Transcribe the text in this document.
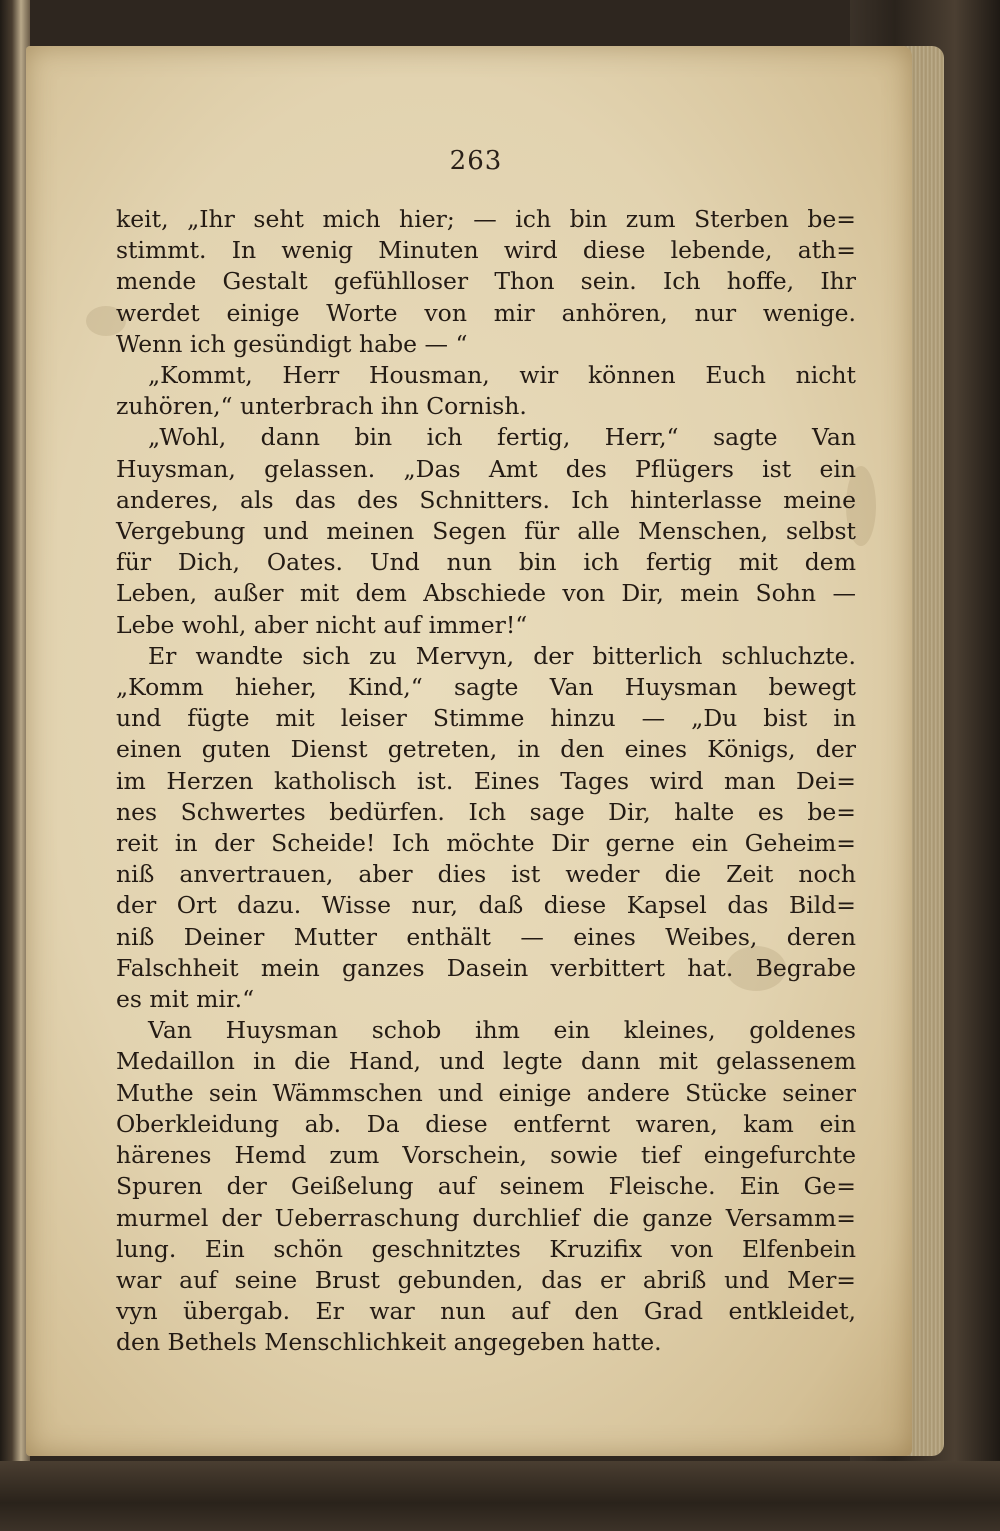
263
keit, „Ihr seht mich hier; — ich bin zum Sterben be=
stimmt. In wenig Minuten wird diese lebende, ath=
mende Gestalt gefühlloser Thon sein. Ich hoffe, Ihr
werdet einige Worte von mir anhören, nur wenige.
Wenn ich gesündigt habe — “
„Kommt, Herr Housman, wir können Euch nicht
zuhören,“ unterbrach ihn Cornish.
„Wohl, dann bin ich fertig, Herr,“ sagte Van
Huysman, gelassen. „Das Amt des Pflügers ist ein
anderes, als das des Schnitters. Ich hinterlasse meine
Vergebung und meinen Segen für alle Menschen, selbst
für Dich, Oates. Und nun bin ich fertig mit dem
Leben, außer mit dem Abschiede von Dir, mein Sohn —
Lebe wohl, aber nicht auf immer!“
Er wandte sich zu Mervyn, der bitterlich schluchzte.
„Komm hieher, Kind,“ sagte Van Huysman bewegt
und fügte mit leiser Stimme hinzu — „Du bist in
einen guten Dienst getreten, in den eines Königs, der
im Herzen katholisch ist. Eines Tages wird man Dei=
nes Schwertes bedürfen. Ich sage Dir, halte es be=
reit in der Scheide! Ich möchte Dir gerne ein Geheim=
niß anvertrauen, aber dies ist weder die Zeit noch
der Ort dazu. Wisse nur, daß diese Kapsel das Bild=
niß Deiner Mutter enthält — eines Weibes, deren
Falschheit mein ganzes Dasein verbittert hat. Begrabe
es mit mir.“
Van Huysman schob ihm ein kleines, goldenes
Medaillon in die Hand, und legte dann mit gelassenem
Muthe sein Wämmschen und einige andere Stücke seiner
Oberkleidung ab. Da diese entfernt waren, kam ein
härenes Hemd zum Vorschein, sowie tief eingefurchte
Spuren der Geißelung auf seinem Fleische. Ein Ge=
murmel der Ueberraschung durchlief die ganze Versamm=
lung. Ein schön geschnitztes Kruzifix von Elfenbein
war auf seine Brust gebunden, das er abriß und Mer=
vyn übergab. Er war nun auf den Grad entkleidet,
den Bethels Menschlichkeit angegeben hatte.
